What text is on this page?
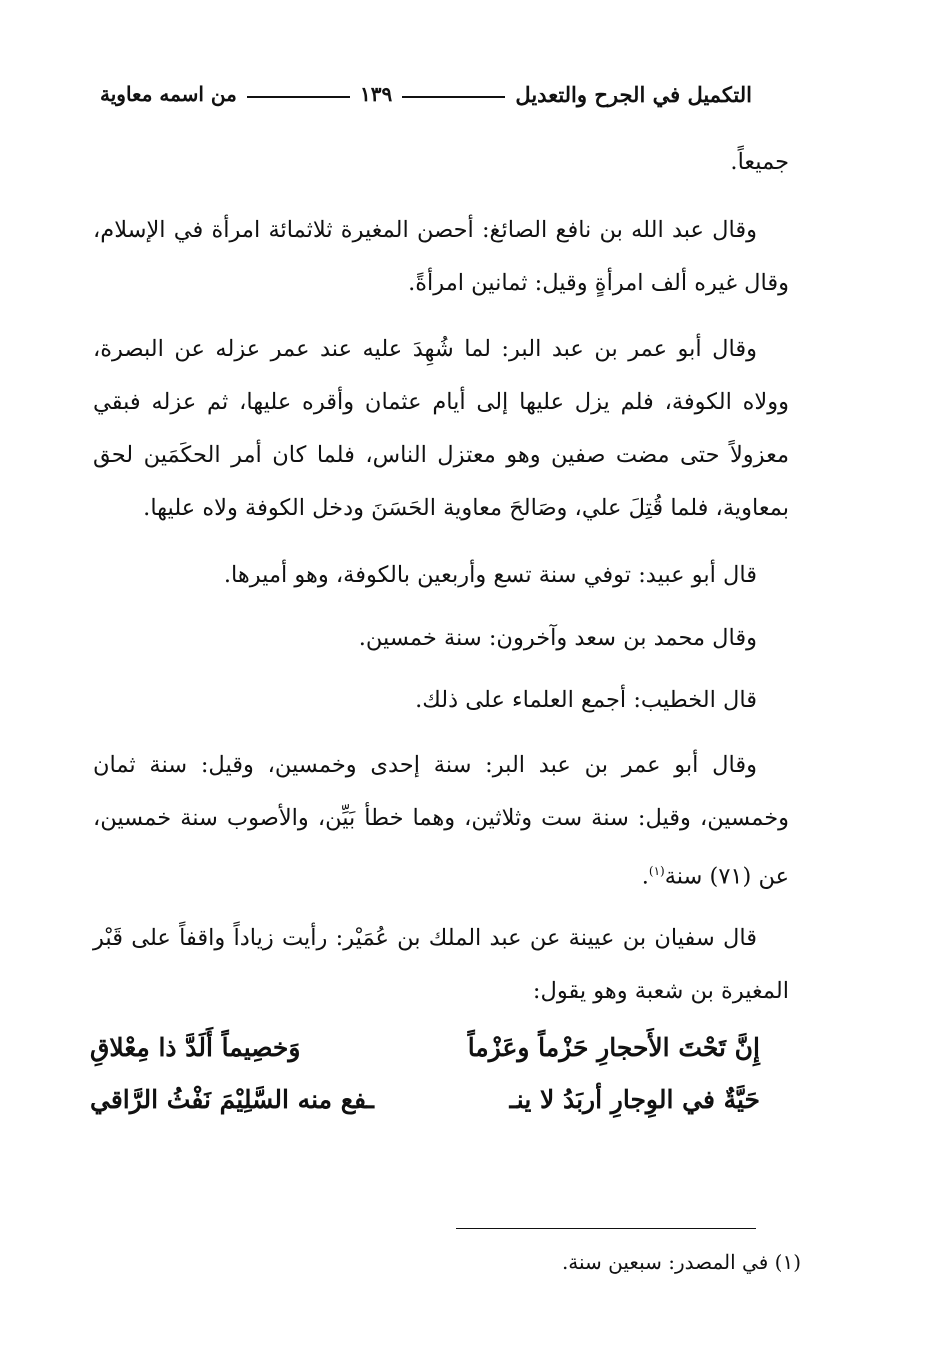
التكميل في الجرح والتعديل
١٣٩
من اسمه معاوية

جميعاً.

وقال عبد الله بن نافع الصائغ: أحصن المغيرة ثلاثمائة امرأة في الإسلام، وقال غيره ألف امرأةٍ وقيل: ثمانين امرأةً.

وقال أبو عمر بن عبد البر: لما شُهِدَ عليه عند عمر عزله عن البصرة، وولاه الكوفة، فلم يزل عليها إلى أيام عثمان وأقره عليها، ثم عزله فبقي معزولاً حتى مضت صفين وهو معتزل الناس، فلما كان أمر الحكَمَين لحق بمعاوية، فلما قُتِلَ علي، وصَالحَ معاوية الحَسَنَ ودخل الكوفة ولاه عليها.

قال أبو عبيد: توفي سنة تسع وأربعين بالكوفة، وهو أميرها.

وقال محمد بن سعد وآخرون: سنة خمسين.

قال الخطيب: أجمع العلماء على ذلك.

وقال أبو عمر بن عبد البر: سنة إحدى وخمسين، وقيل: سنة ثمان وخمسين، وقيل: سنة ست وثلاثين، وهما خطأ بَيِّن، والأصوب سنة خمسين، عن (٧١) سنة$^{(١)}$.

قال سفيان بن عيينة عن عبد الملك بن عُمَيْر: رأيت زياداً واقفاً على قَبْر المغيرة بن شعبة وهو يقول:

إِنَّ تَحْتَ الأَحجارِ حَزْماً وعَزْماً
وَخصِيماً أَلَدَّ ذا مِعْلاقِ
حَيَّةٌ في الوِجارِ أربَدُ لا ينـ
ـفع منه السَّلِيْمَ نَفْثُ الرَّاقي
(١) في المصدر: سبعين سنة.
